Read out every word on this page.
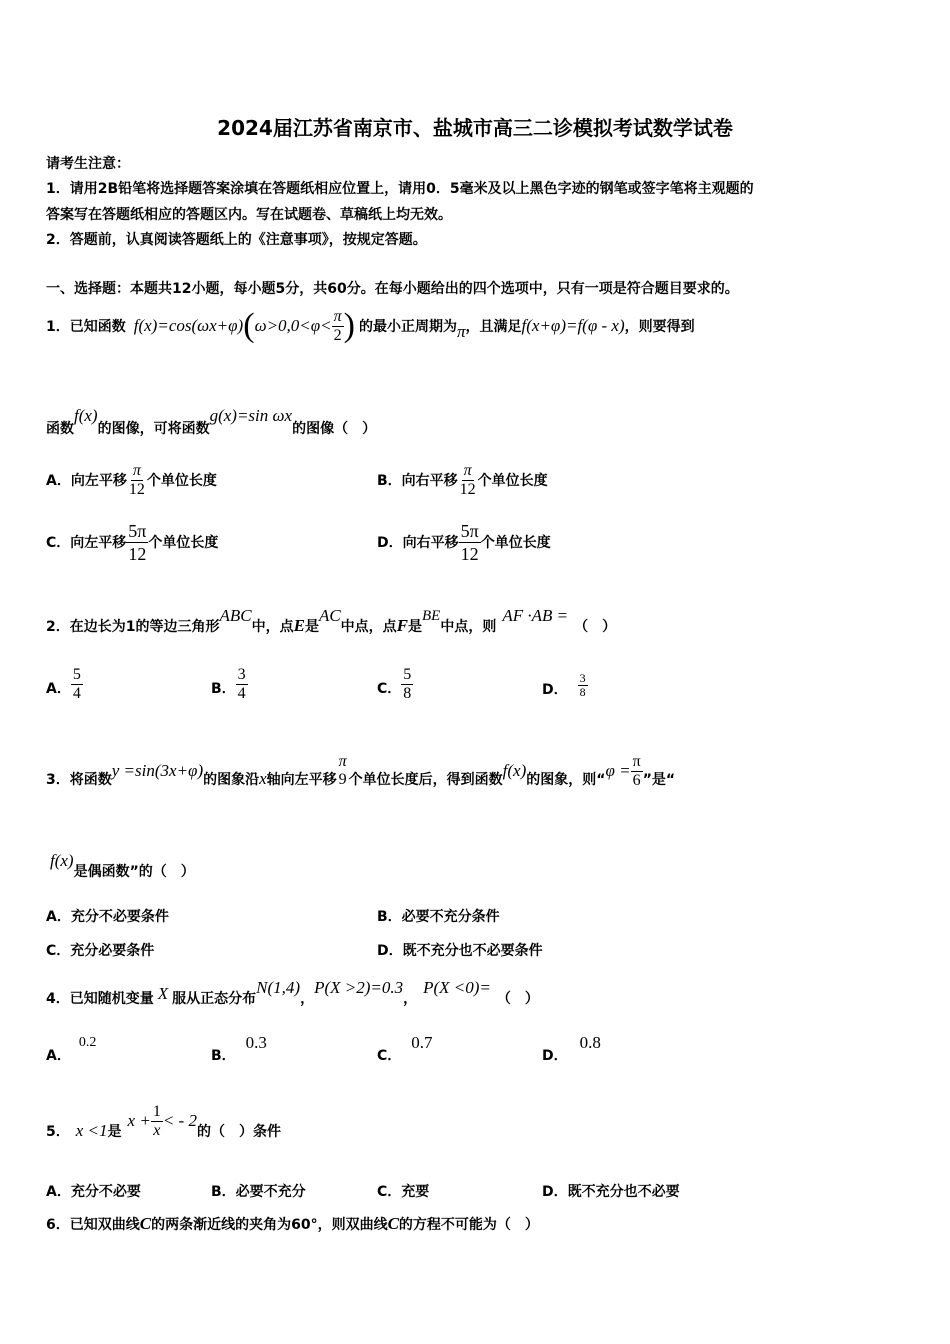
2024届江苏省南京市、盐城市高三二诊模拟考试数学试卷
请考生注意：
1．请用2B铅笔将选择题答案涂填在答题纸相应位置上，请用0．5毫米及以上黑色字迹的钢笔或签字笔将主观题的
答案写在答题纸相应的答题区内。写在试题卷、草稿纸上均无效。
2．答题前，认真阅读答题纸上的《注意事项》，按规定答题。
一、选择题：本题共12小题，每小题5分，共60分。在每小题给出的四个选项中，只有一项是符合题目要求的。
1．已知函数 f(x)=cos(ωx+φ) ( $\omega>0,0<\varphi< \frac{\pi}{2}$ ) 的最小正周期为 π ，且满足 f(x+φ)=f(φ - x) ，则要得到
函数
f(x)
的图像，可将函数
g(x)=sin ωx
的图像（　）
A．向左平移 $\frac{\pi}{12}$ 个单位长度	B．向右平移 $\frac{\pi}{12}$ 个单位长度
C．向左平移 $\frac{5\pi}{12}$ 个单位长度	D．向右平移 $\frac{5\pi}{12}$ 个单位长度
2．在边长为1的等边三角形
ABC
中，点 E 是
AC
中点，点 F 是
BE
中点，则
AF ·AB =
（　）
A． $\frac{5}{4}$	B． $\frac{3}{4}$	C． $\frac{5}{8}$	D． $\frac{3}{8}$
3．将函数 y =sin(3x+φ) 的图象沿 x 轴向左平移
π
9 个单位长度后，得到函数 f(x) 的图象，则“ $\varphi = \frac{\pi}{6}$ ”是“
f(x)
是偶函数”的（　）
A．充分不必要条件	B．必要不充分条件
C．充分必要条件	D．既不充分也不必要条件
4．已知随机变量 X 服从正态分布
N(1,4)
，
P(X >2)=0.3
，
P(X <0)=
（　）
A．
0.2
B．
0.3
C．
0.7
D．
0.8
5． x <1 是
$x + \frac{1}{x}$ < - 2
的（　）条件
A．充分不必要	B．必要不充分	C．充要	D．既不充分也不必要
6．已知双曲线 C 的两条渐近线的夹角为60°，则双曲线 C 的方程不可能为（　）
